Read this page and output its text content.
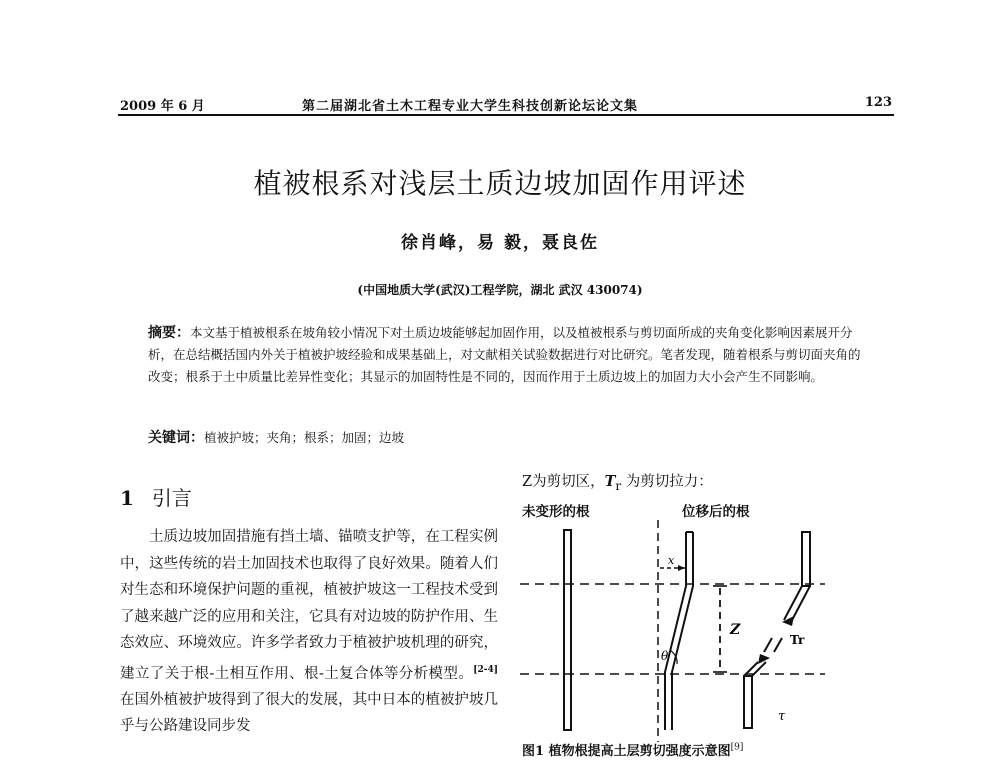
2009 年 6 月	第二届湖北省土木工程专业大学生科技创新论坛论文集	123
植被根系对浅层土质边坡加固作用评述
徐肖峰，易 毅，聂良佐
(中国地质大学(武汉)工程学院，湖北 武汉 430074)
摘要：本文基于植被根系在坡角较小情况下对土质边坡能够起加固作用，以及植被根系与剪切面所成的夹角变化影响因素展开分析，在总结概括国内外关于植被护坡经验和成果基础上，对文献相关试验数据进行对比研究。笔者发现，随着根系与剪切面夹角的改变；根系于土中质量比差异性变化；其显示的加固特性是不同的，因而作用于土质边坡上的加固力大小会产生不同影响。
关键词：植被护坡；夹角；根系；加固；边坡
1 引言

土质边坡加固措施有挡土墙、锚喷支护等，在工程实例中，这些传统的岩土加固技术也取得了良好效果。随着人们对生态和环境保护问题的重视，植被护坡这一工程技术受到了越来越广泛的应用和关注，它具有对边坡的防护作用、生态效应、环境效应。许多学者致力于植被护坡机理的研究，建立了关于根-土相互作用、根-土复合体等分析模型。[2-4] 在国外植被护坡得到了很大的发展，其中日本的植被护坡几乎与公路建设同步发

Z为剪切区，$T_r$ 为剪切拉力：
未变形的根	位移后的根
x
θ
Z
Tr
τ
图1 植物根提高土层剪切强度示意图[9]
